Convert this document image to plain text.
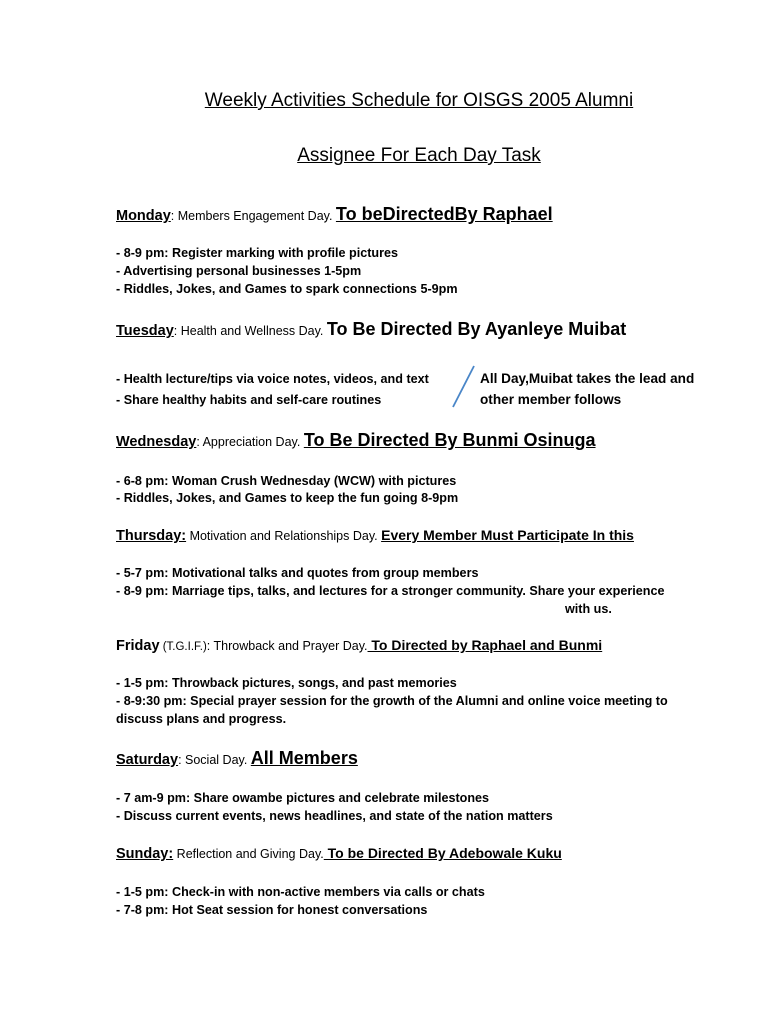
Weekly Activities Schedule for OISGS 2005 Alumni
Assignee For Each Day Task
Monday: Members Engagement Day. To beDirectedBy Raphael
- 8-9 pm: Register marking with profile pictures
- Advertising personal businesses 1-5pm
- Riddles, Jokes, and Games to spark connections 5-9pm
Tuesday: Health and Wellness Day. To Be Directed By Ayanleye Muibat
- Health lecture/tips via voice notes, videos, and text
- Share healthy habits and self-care routines
All Day,Muibat takes the lead and
other member follows
Wednesday: Appreciation Day. To Be Directed By Bunmi Osinuga
- 6-8 pm: Woman Crush Wednesday (WCW) with pictures
- Riddles, Jokes, and Games to keep the fun going 8-9pm
Thursday: Motivation and Relationships Day. Every Member Must Participate In this
- 5-7 pm: Motivational talks and quotes from group members
- 8-9 pm: Marriage tips, talks, and lectures for a stronger community. Share your experience
with us.
Friday (T.G.I.F.): Throwback and Prayer Day. To Directed by Raphael and Bunmi
- 1-5 pm: Throwback pictures, songs, and past memories
- 8-9:30 pm: Special prayer session for the growth of the Alumni and online voice meeting to
discuss plans and progress.
Saturday: Social Day. All Members
- 7 am-9 pm: Share owambe pictures and celebrate milestones
- Discuss current events, news headlines, and state of the nation matters
Sunday: Reflection and Giving Day. To be Directed By Adebowale Kuku
- 1-5 pm: Check-in with non-active members via calls or chats
- 7-8 pm: Hot Seat session for honest conversations
